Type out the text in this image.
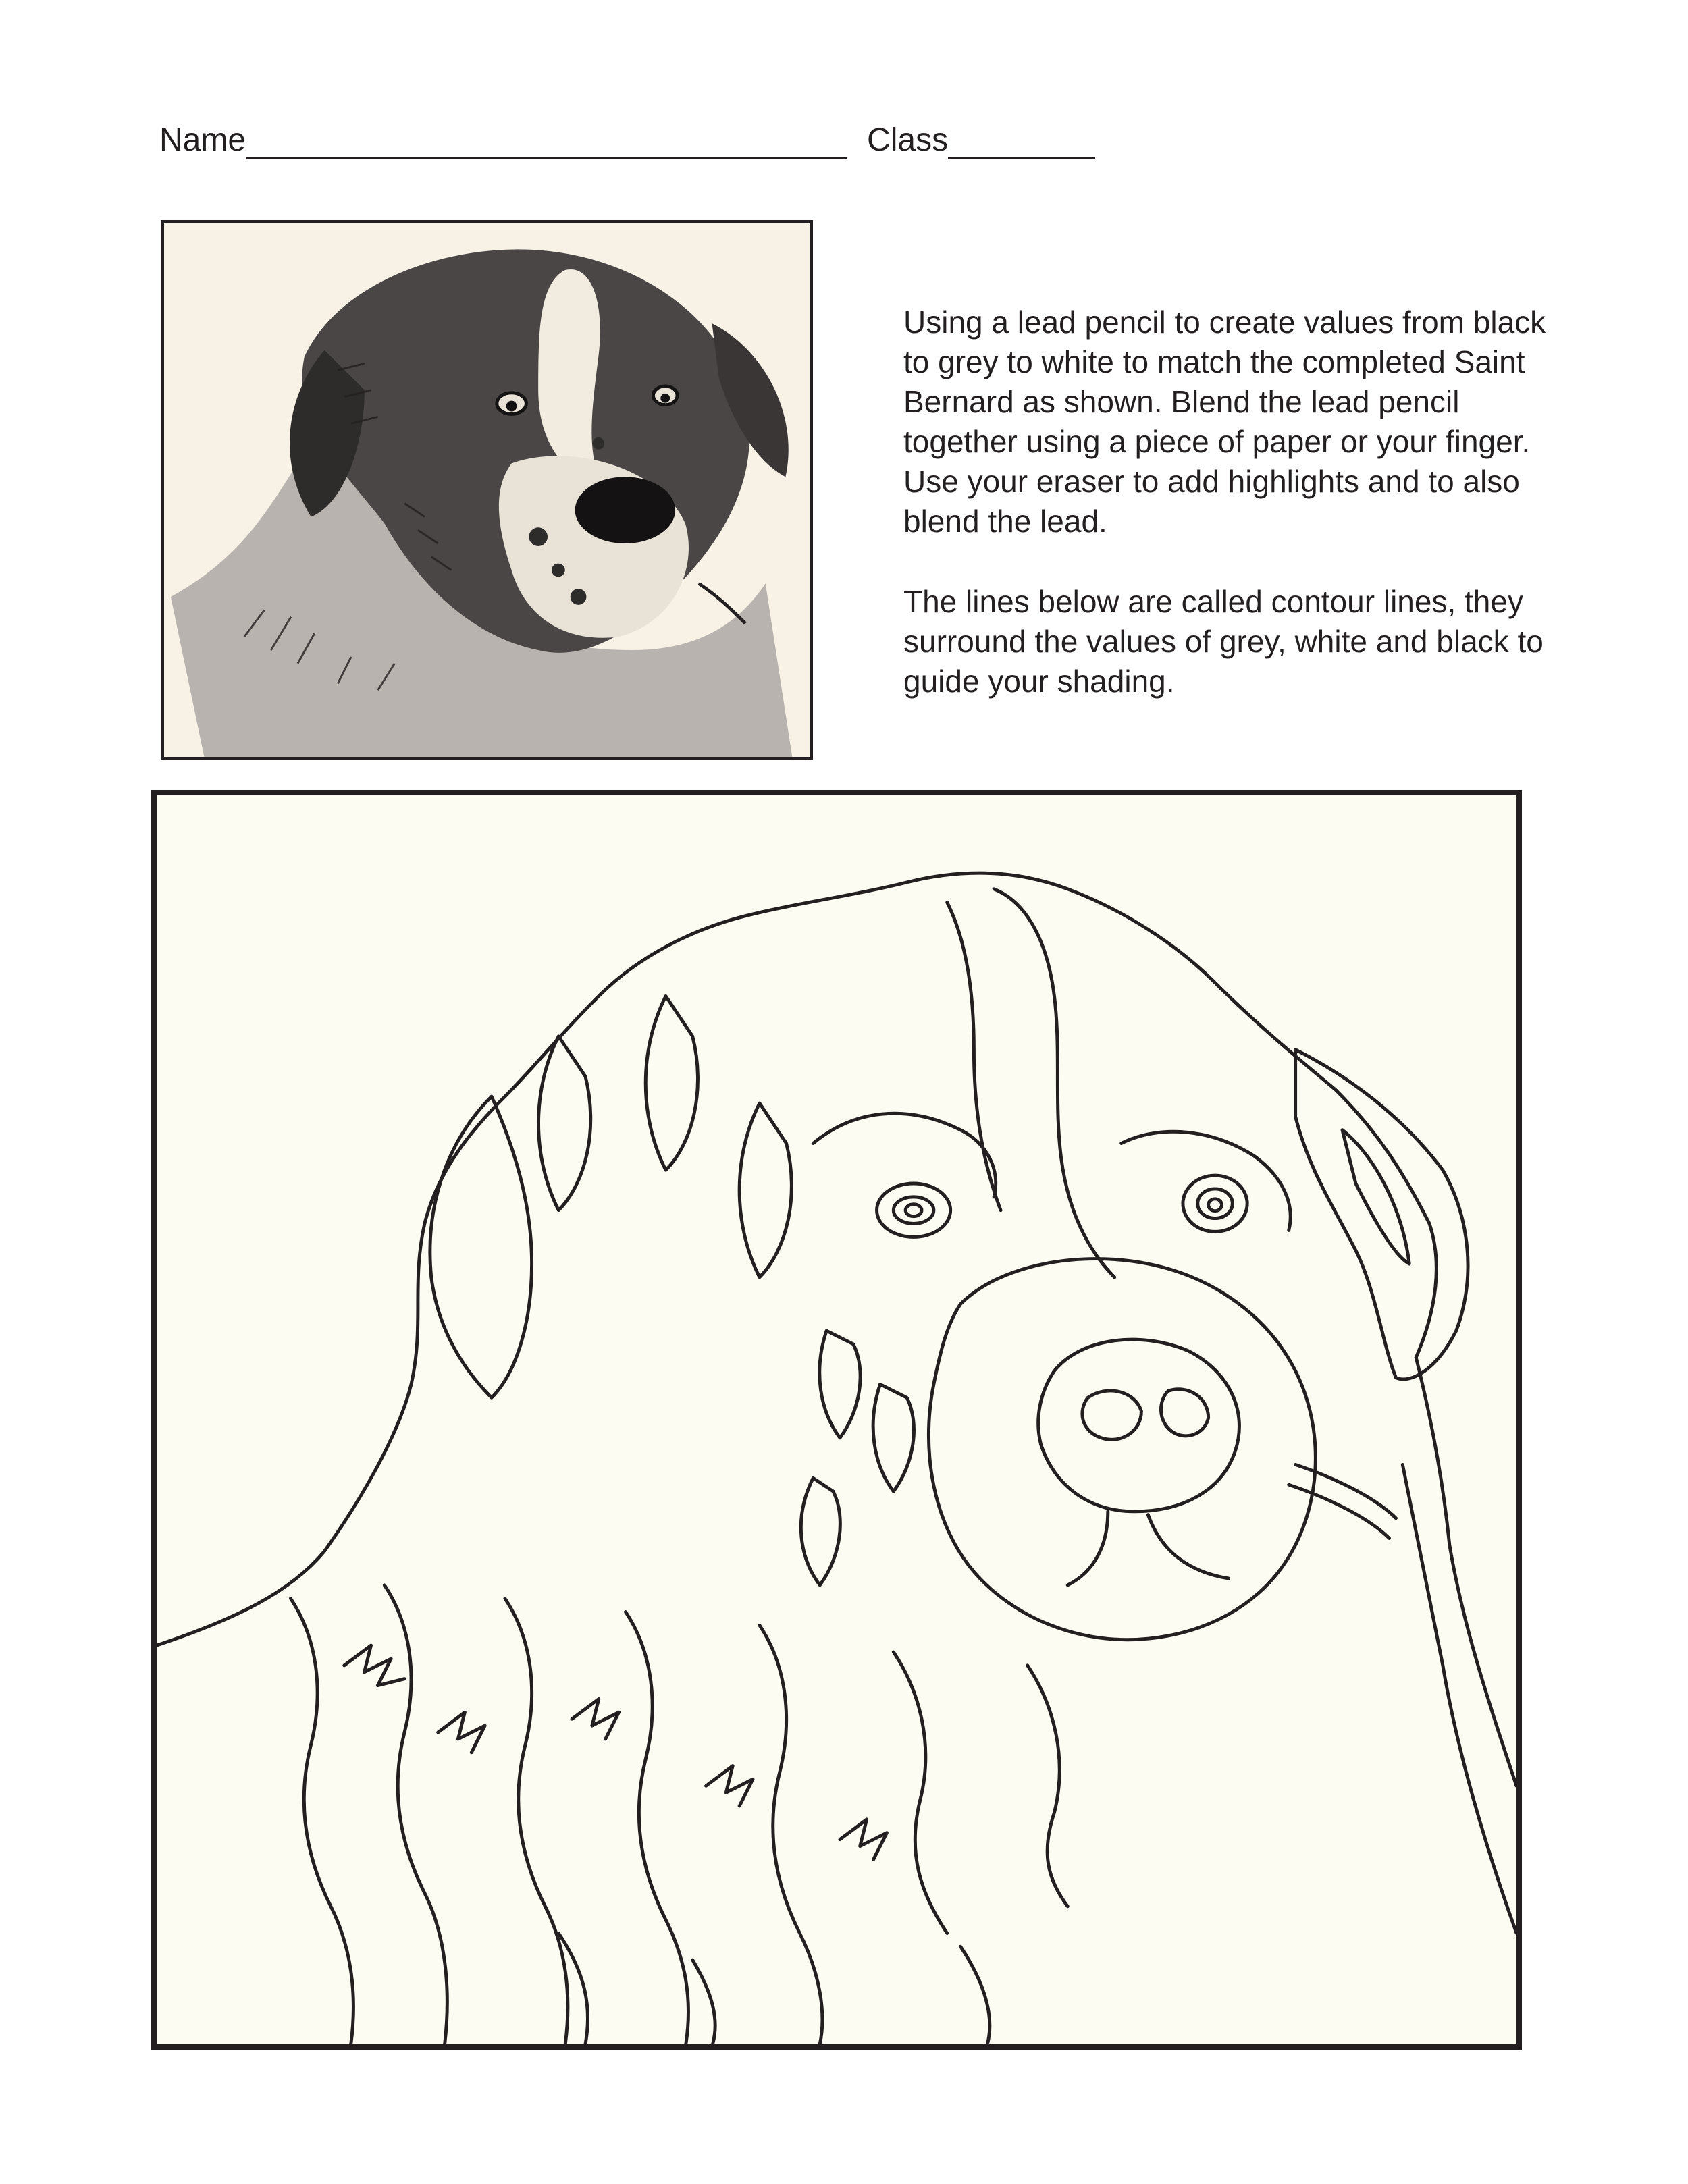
Name	Class

Using a lead pencil to create values from black to grey to white to match the completed Saint Bernard as shown. Blend the lead pencil together using a piece of paper or your finger. Use your eraser to add highlights and to also blend the lead.

The lines below are called contour lines, they surround the values of grey, white and black to guide your shading.
